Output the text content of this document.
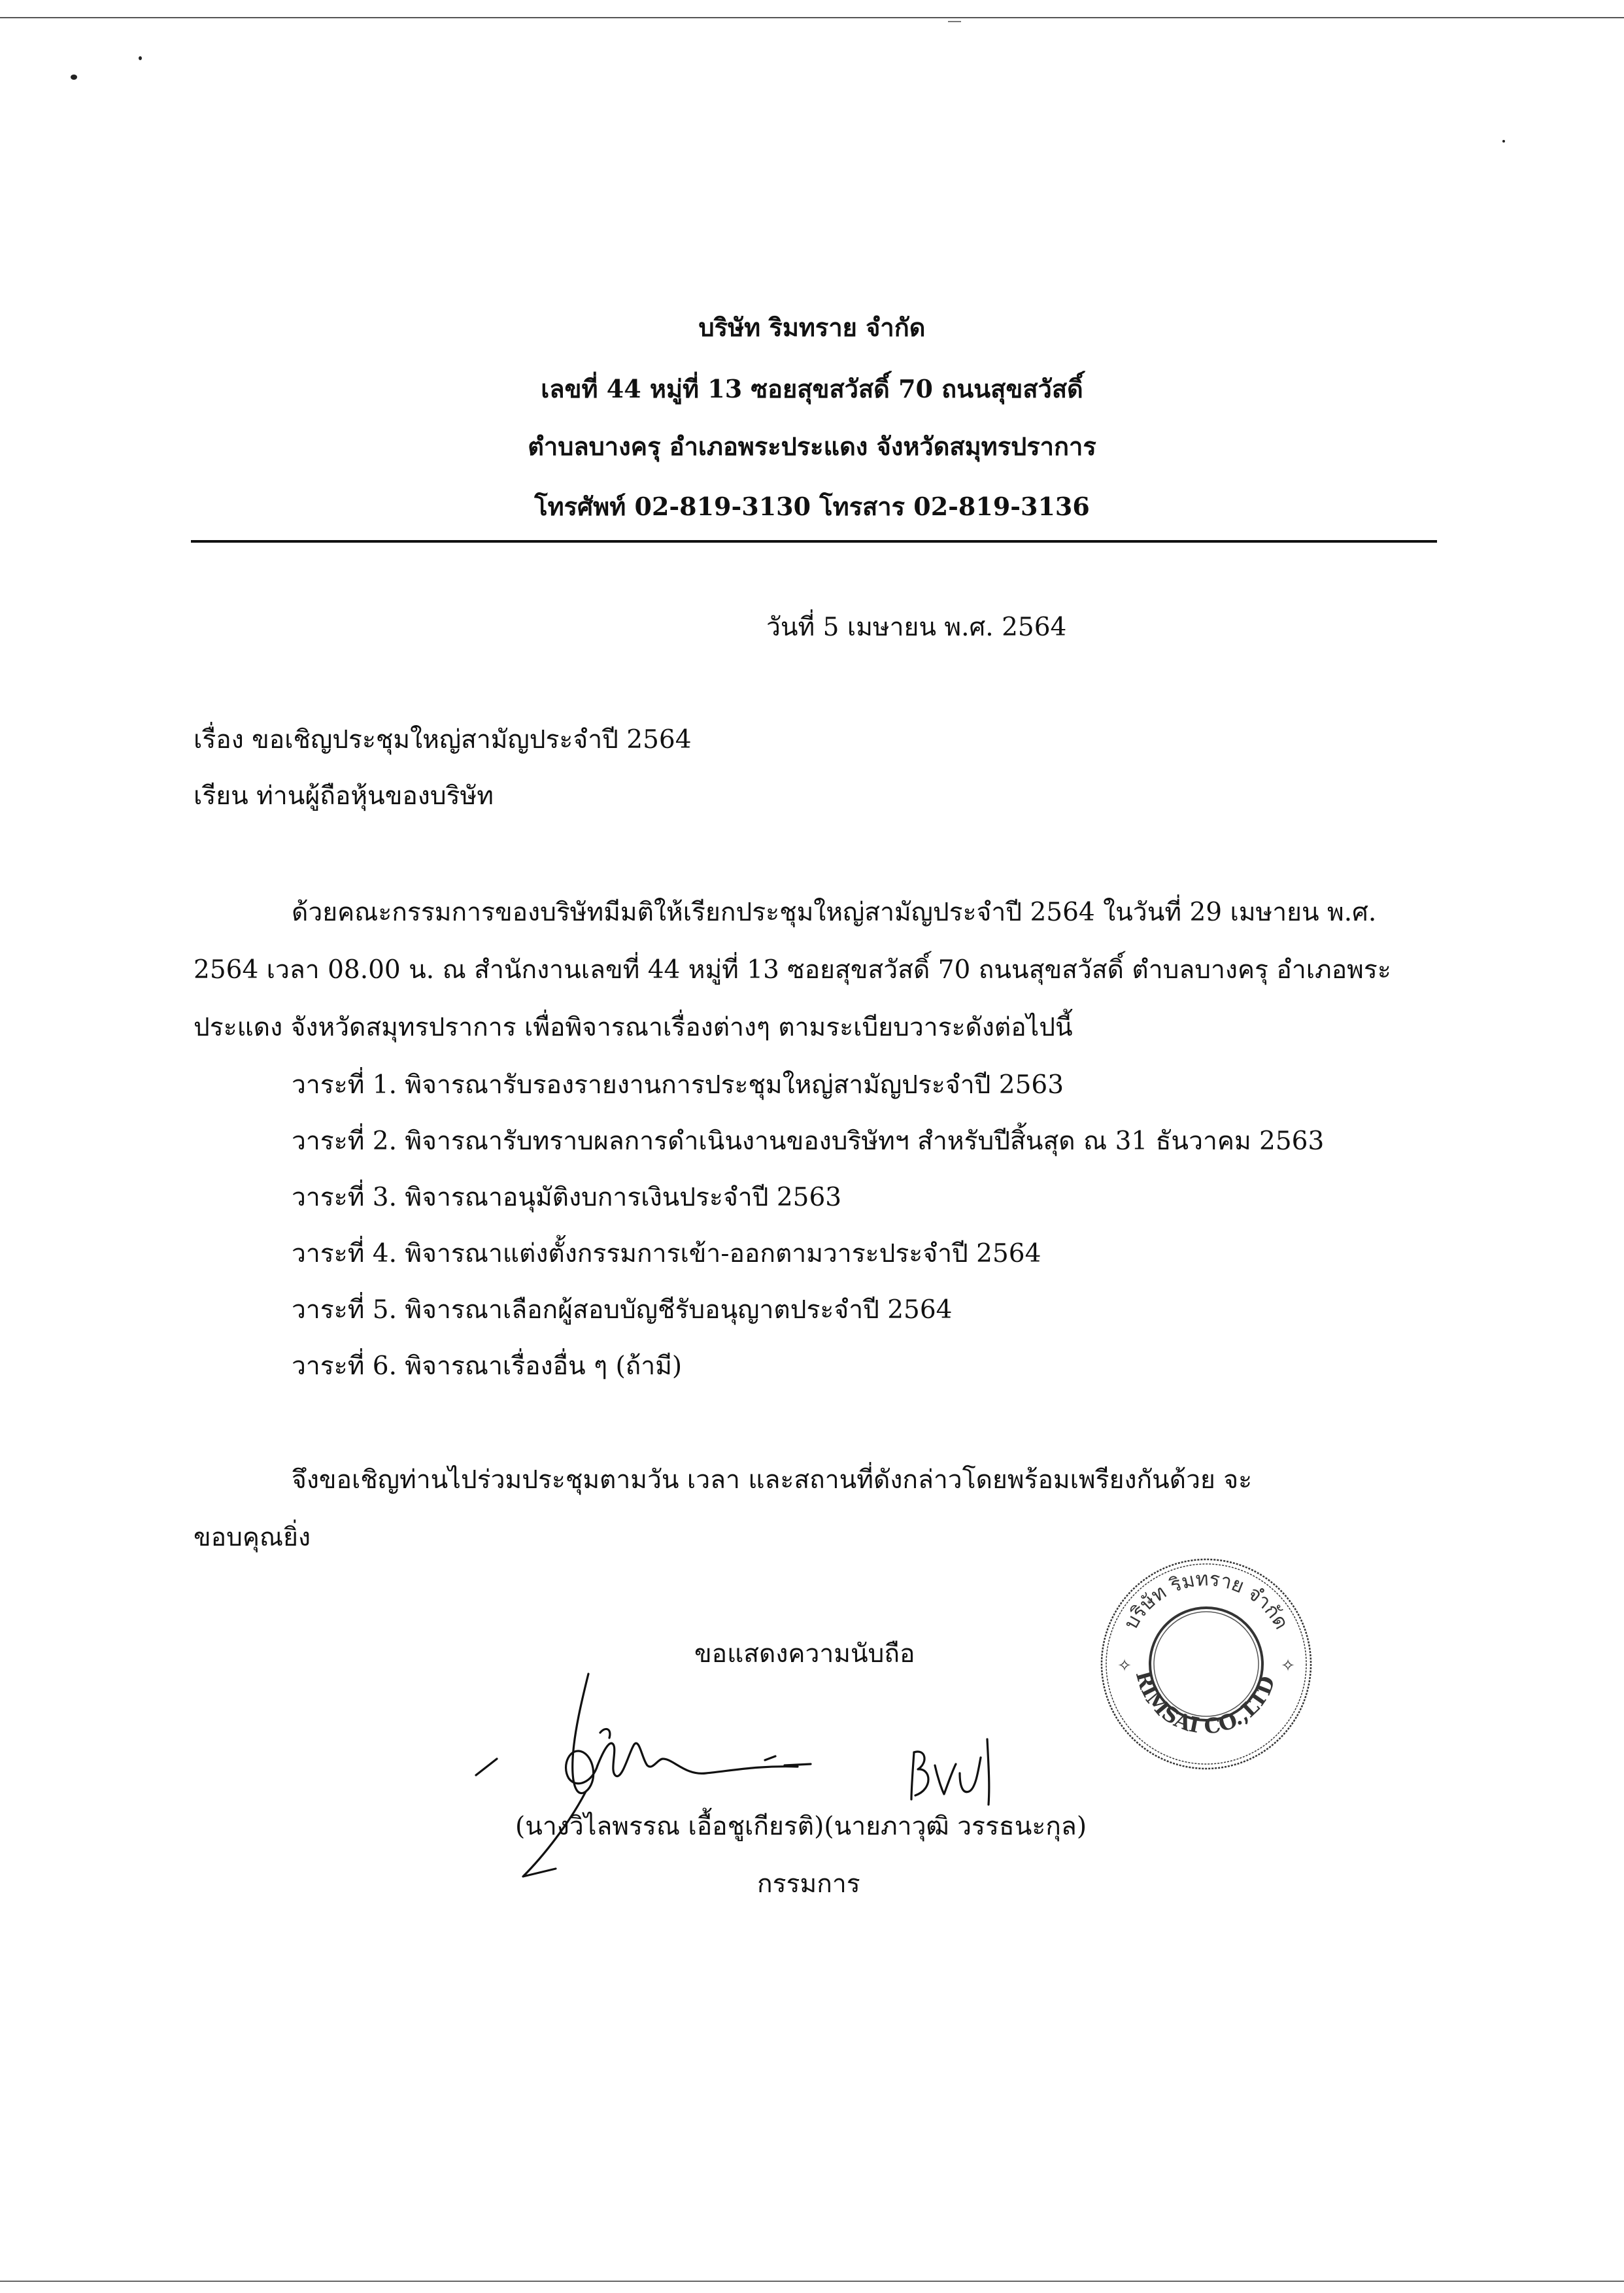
บริษัท ริมทราย จำกัด
เลขที่ 44 หมู่ที่ 13 ซอยสุขสวัสดิ์ 70 ถนนสุขสวัสดิ์
ตำบลบางครุ อำเภอพระประแดง จังหวัดสมุทรปราการ
โทรศัพท์ 02-819-3130 โทรสาร 02-819-3136
วันที่ 5 เมษายน พ.ศ. 2564
เรื่อง ขอเชิญประชุมใหญ่สามัญประจำปี 2564
เรียน ท่านผู้ถือหุ้นของบริษัท
ด้วยคณะกรรมการของบริษัทมีมติให้เรียกประชุมใหญ่สามัญประจำปี 2564 ในวันที่ 29 เมษายน พ.ศ.
2564 เวลา 08.00 น. ณ สำนักงานเลขที่ 44 หมู่ที่ 13 ซอยสุขสวัสดิ์ 70 ถนนสุขสวัสดิ์ ตำบลบางครุ อำเภอพระ
ประแดง จังหวัดสมุทรปราการ เพื่อพิจารณาเรื่องต่างๆ ตามระเบียบวาระดังต่อไปนี้
วาระที่ 1. พิจารณารับรองรายงานการประชุมใหญ่สามัญประจำปี 2563
วาระที่ 2. พิจารณารับทราบผลการดำเนินงานของบริษัทฯ สำหรับปีสิ้นสุด ณ 31 ธันวาคม 2563
วาระที่ 3. พิจารณาอนุมัติงบการเงินประจำปี 2563
วาระที่ 4. พิจารณาแต่งตั้งกรรมการเข้า-ออกตามวาระประจำปี 2564
วาระที่ 5. พิจารณาเลือกผู้สอบบัญชีรับอนุญาตประจำปี 2564
วาระที่ 6. พิจารณาเรื่องอื่น ๆ (ถ้ามี)
จึงขอเชิญท่านไปร่วมประชุมตามวัน เวลา และสถานที่ดังกล่าวโดยพร้อมเพรียงกันด้วย จะ
ขอบคุณยิ่ง
ขอแสดงความนับถือ
(นางวิไลพรรณ เอื้อชูเกียรติ)(นายภาวุฒิ วรรธนะกุล)
กรรมการ
บริษัท ริมทราย จำกัด
RIMSAI CO.,LTD
✧	✧
